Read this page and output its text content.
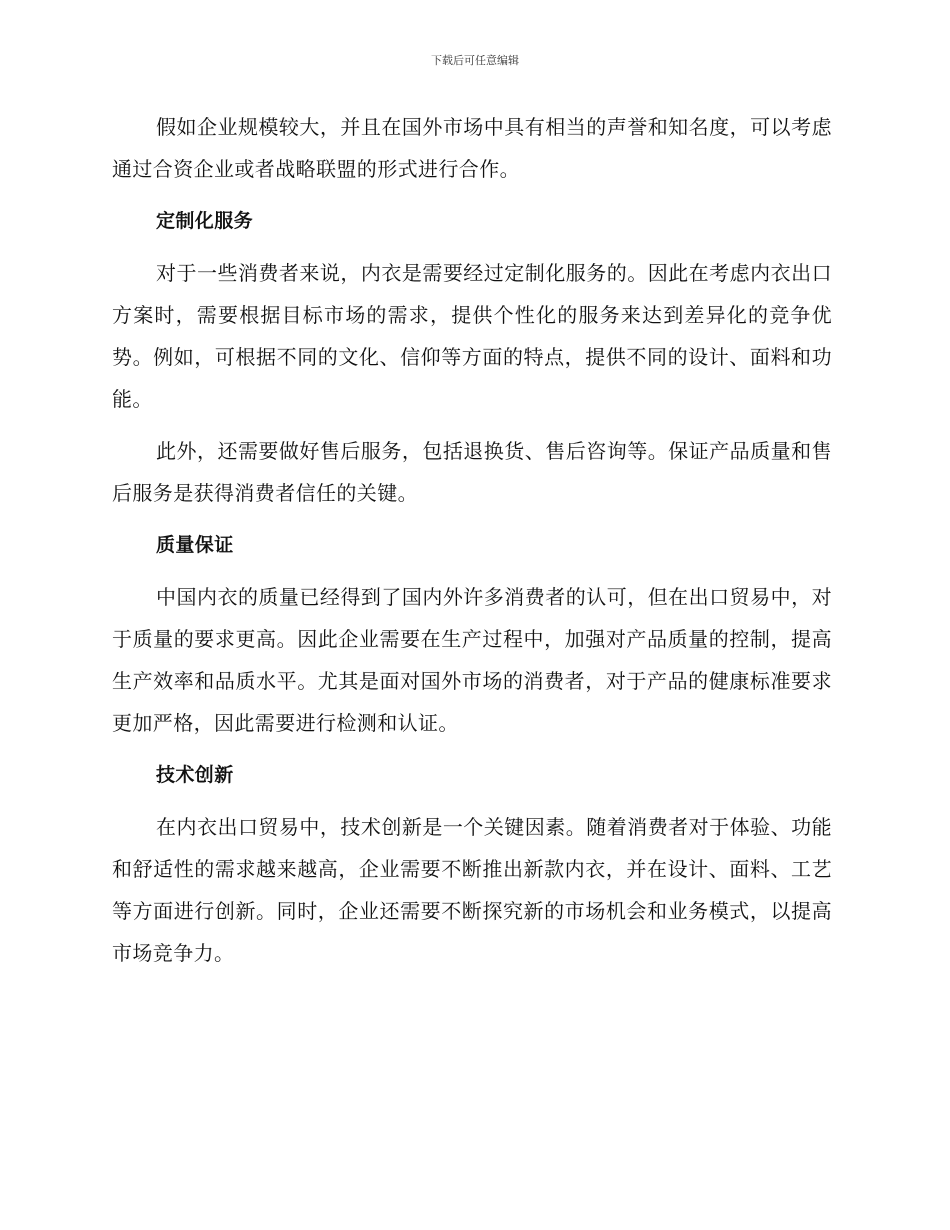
下载后可任意编辑

假如企业规模较大，并且在国外市场中具有相当的声誉和知名度，可以考虑通过合资企业或者战略联盟的形式进行合作。

定制化服务

对于一些消费者来说，内衣是需要经过定制化服务的。因此在考虑内衣出口方案时，需要根据目标市场的需求，提供个性化的服务来达到差异化的竞争优势。例如，可根据不同的文化、信仰等方面的特点，提供不同的设计、面料和功能。

此外，还需要做好售后服务，包括退换货、售后咨询等。保证产品质量和售后服务是获得消费者信任的关键。

质量保证

中国内衣的质量已经得到了国内外许多消费者的认可，但在出口贸易中，对于质量的要求更高。因此企业需要在生产过程中，加强对产品质量的控制，提高生产效率和品质水平。尤其是面对国外市场的消费者，对于产品的健康标准要求更加严格，因此需要进行检测和认证。

技术创新

在内衣出口贸易中，技术创新是一个关键因素。随着消费者对于体验、功能和舒适性的需求越来越高，企业需要不断推出新款内衣，并在设计、面料、工艺等方面进行创新。同时，企业还需要不断探究新的市场机会和业务模式，以提高市场竞争力。
